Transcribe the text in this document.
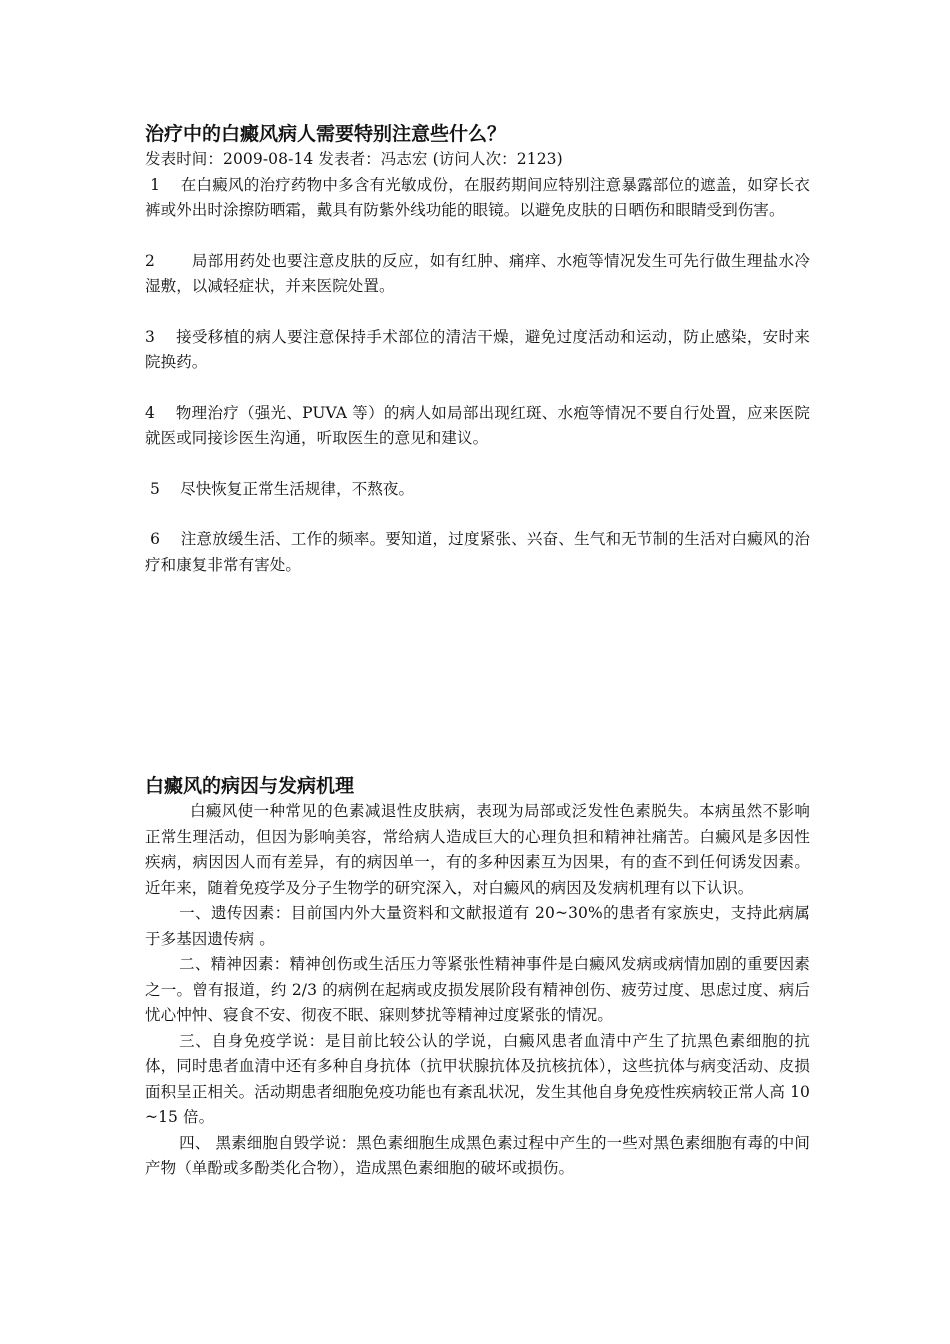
治疗中的白癜风病人需要特别注意些什么？

发表时间：2009-08-14 发表者：冯志宏 (访问人次：2123)

1    在白癜风的治疗药物中多含有光敏成份，在服药期间应特别注意暴露部位的遮盖，如穿长衣裤或外出时涂擦防晒霜，戴具有防紫外线功能的眼镜。以避免皮肤的日晒伤和眼睛受到伤害。

2       局部用药处也要注意皮肤的反应，如有红肿、痛痒、水疱等情况发生可先行做生理盐水冷湿敷，以减轻症状，并来医院处置。

3    接受移植的病人要注意保持手术部位的清洁干燥，避免过度活动和运动，防止感染，安时来院换药。

4    物理治疗（强光、PUVA 等）的病人如局部出现红斑、水疱等情况不要自行处置，应来医院就医或同接诊医生沟通，听取医生的意见和建议。

5    尽快恢复正常生活规律，不熬夜。

6    注意放缓生活、工作的频率。要知道，过度紧张、兴奋、生气和无节制的生活对白癜风的治疗和康复非常有害处。

白癜风的病因与发病机理

白癜风使一种常见的色素减退性皮肤病，表现为局部或泛发性色素脱失。本病虽然不影响正常生理活动，但因为影响美容，常给病人造成巨大的心理负担和精神社痛苦。白癜风是多因性疾病，病因因人而有差异，有的病因单一，有的多种因素互为因果，有的查不到任何诱发因素。近年来，随着免疫学及分子生物学的研究深入，对白癜风的病因及发病机理有以下认识。

一、遗传因素：目前国内外大量资料和文献报道有 20~30%的患者有家族史，支持此病属于多基因遗传病 。

二、精神因素：精神创伤或生活压力等紧张性精神事件是白癜风发病或病情加剧的重要因素之一。曾有报道，约 2/3 的病例在起病或皮损发展阶段有精神创伤、疲劳过度、思虑过度、病后忧心忡忡、寝食不安、彻夜不眠、寐则梦扰等精神过度紧张的情况。

三、自身免疫学说：是目前比较公认的学说，白癜风患者血清中产生了抗黑色素细胞的抗体，同时患者血清中还有多种自身抗体（抗甲状腺抗体及抗核抗体），这些抗体与病变活动、皮损面积呈正相关。活动期患者细胞免疫功能也有紊乱状况，发生其他自身免疫性疾病较正常人高 10~15 倍。

四、 黑素细胞自毁学说：黑色素细胞生成黑色素过程中产生的一些对黑色素细胞有毒的中间产物（单酚或多酚类化合物），造成黑色素细胞的破坏或损伤。
